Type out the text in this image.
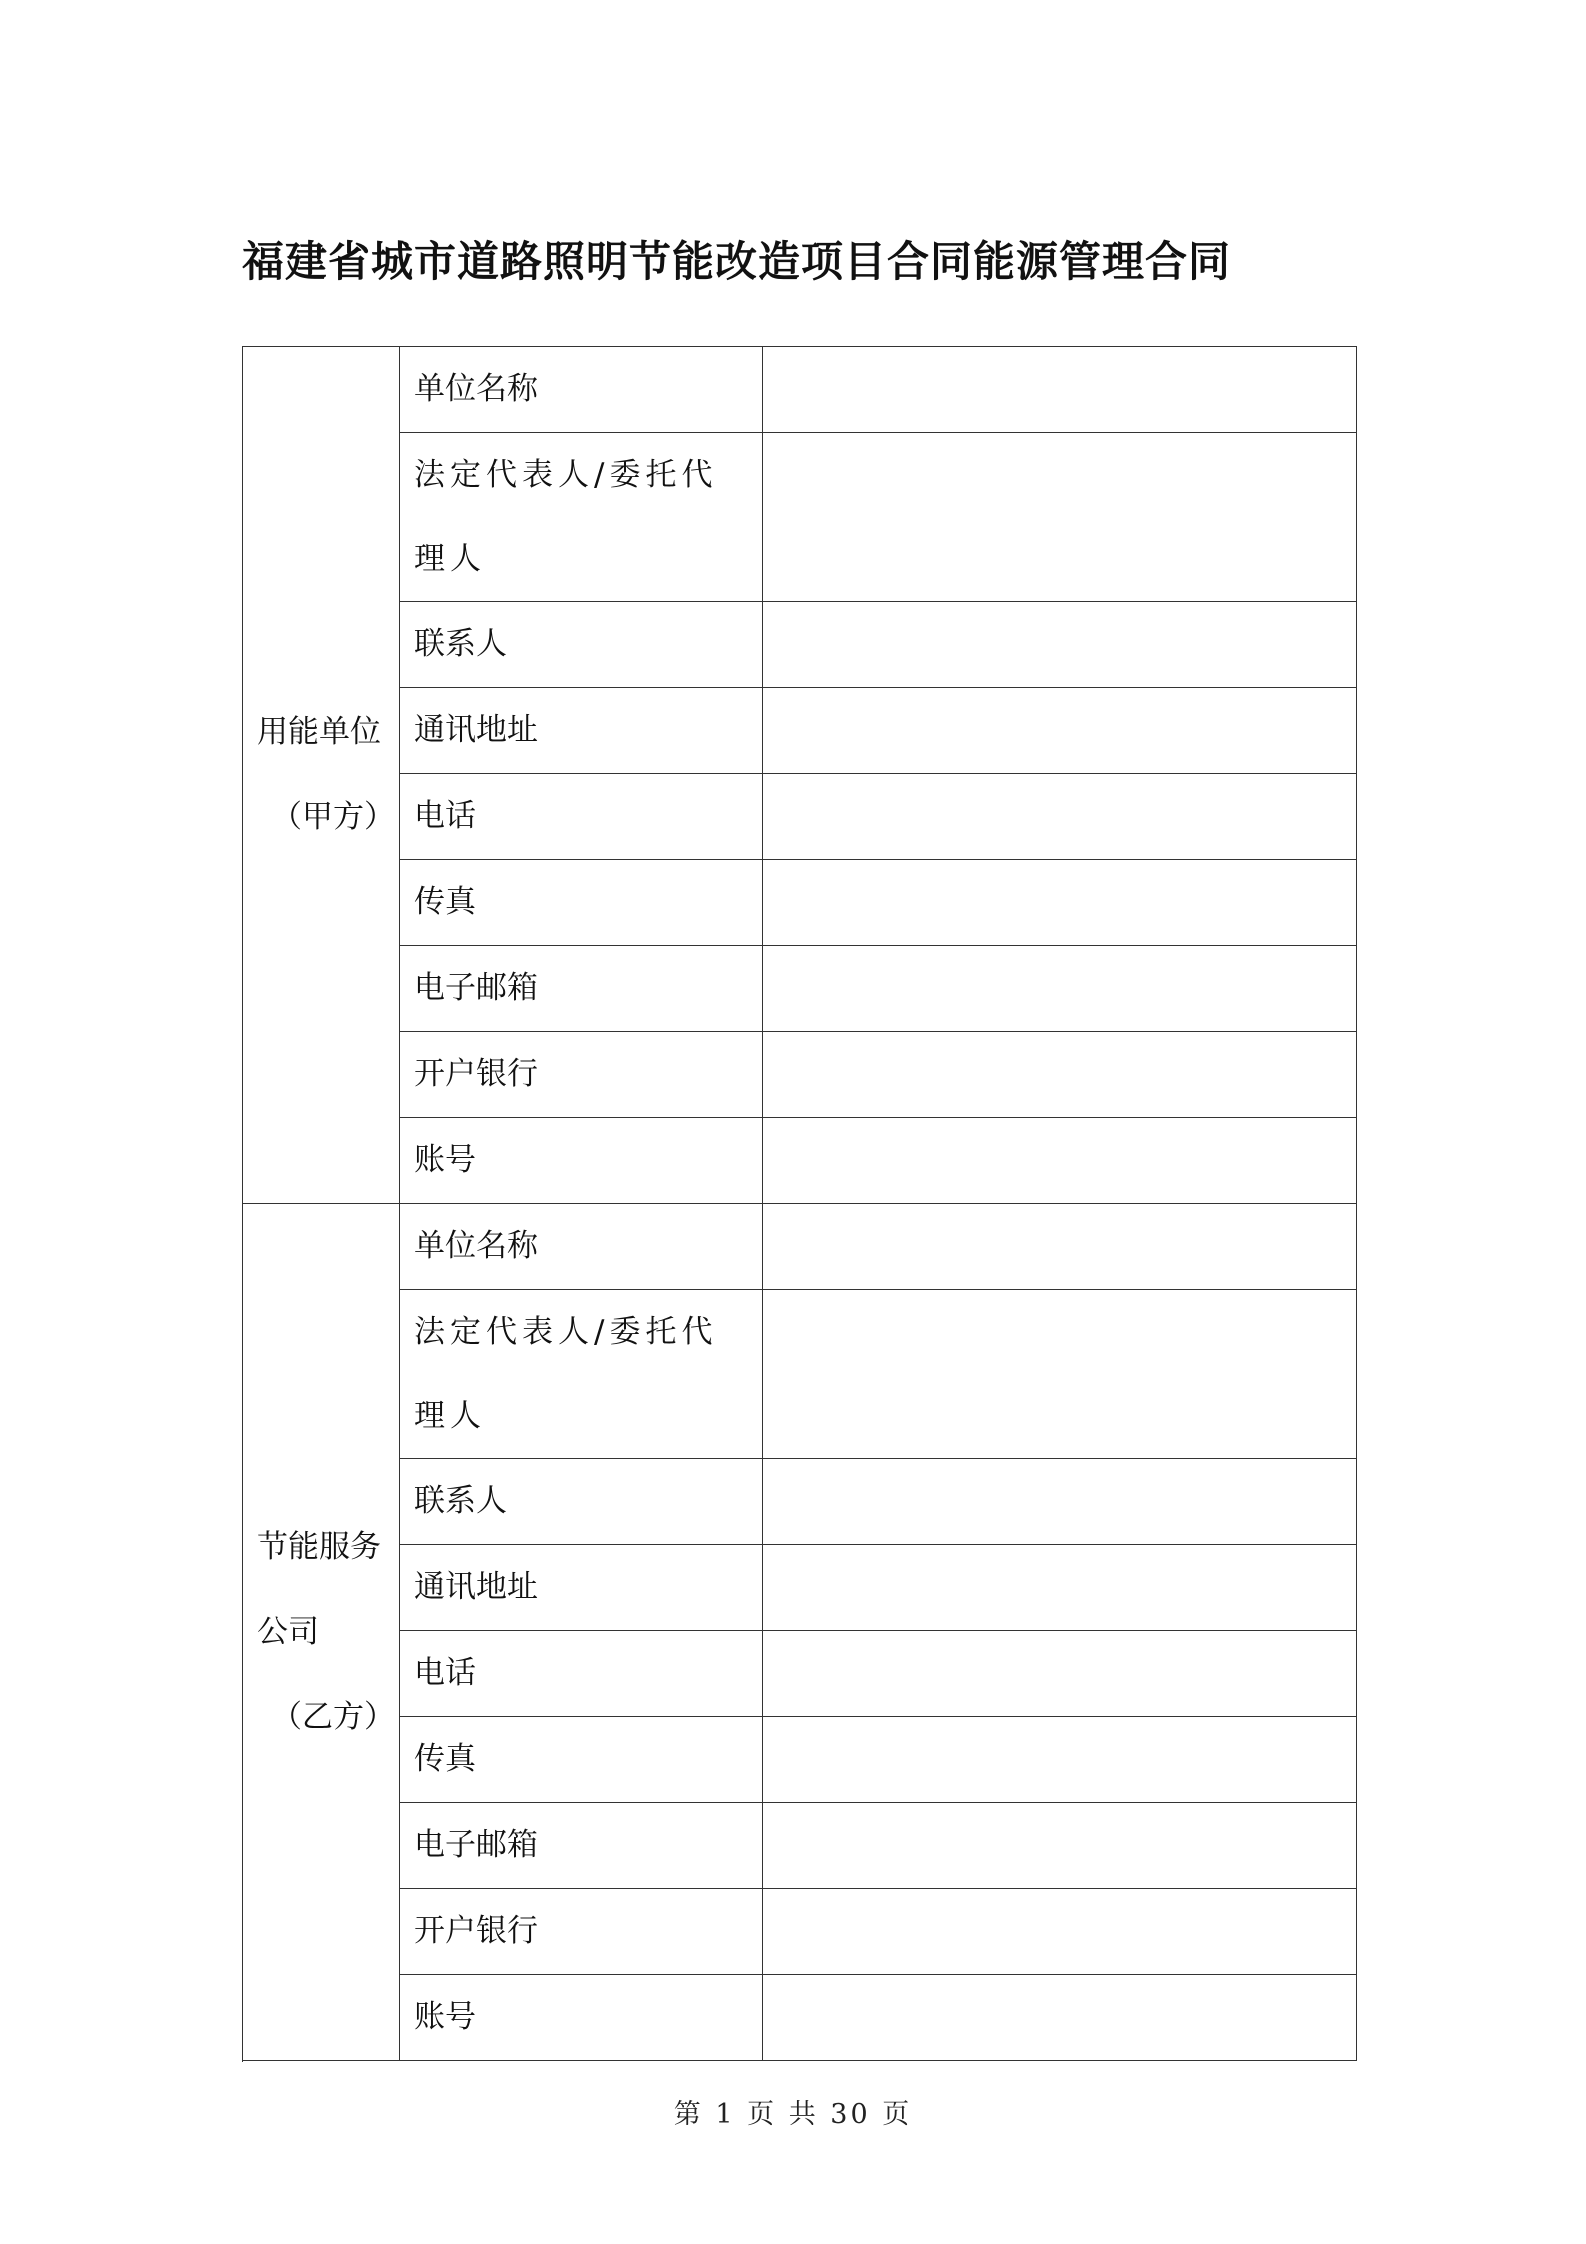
福建省城市道路照明节能改造项目合同能源管理合同
用能单位
（甲方）	单位名称	
	法定代表人/委托代理人	
	联系人	
	通讯地址	
	电话	
	传真	
	电子邮箱	
	开户银行	
	账号	

节能服务
公司
（乙方）	单位名称	
	法定代表人/委托代理人	
	联系人	
	通讯地址	
	电话	
	传真	
	电子邮箱	
	开户银行	
	账号	

第 1 页 共 30 页
